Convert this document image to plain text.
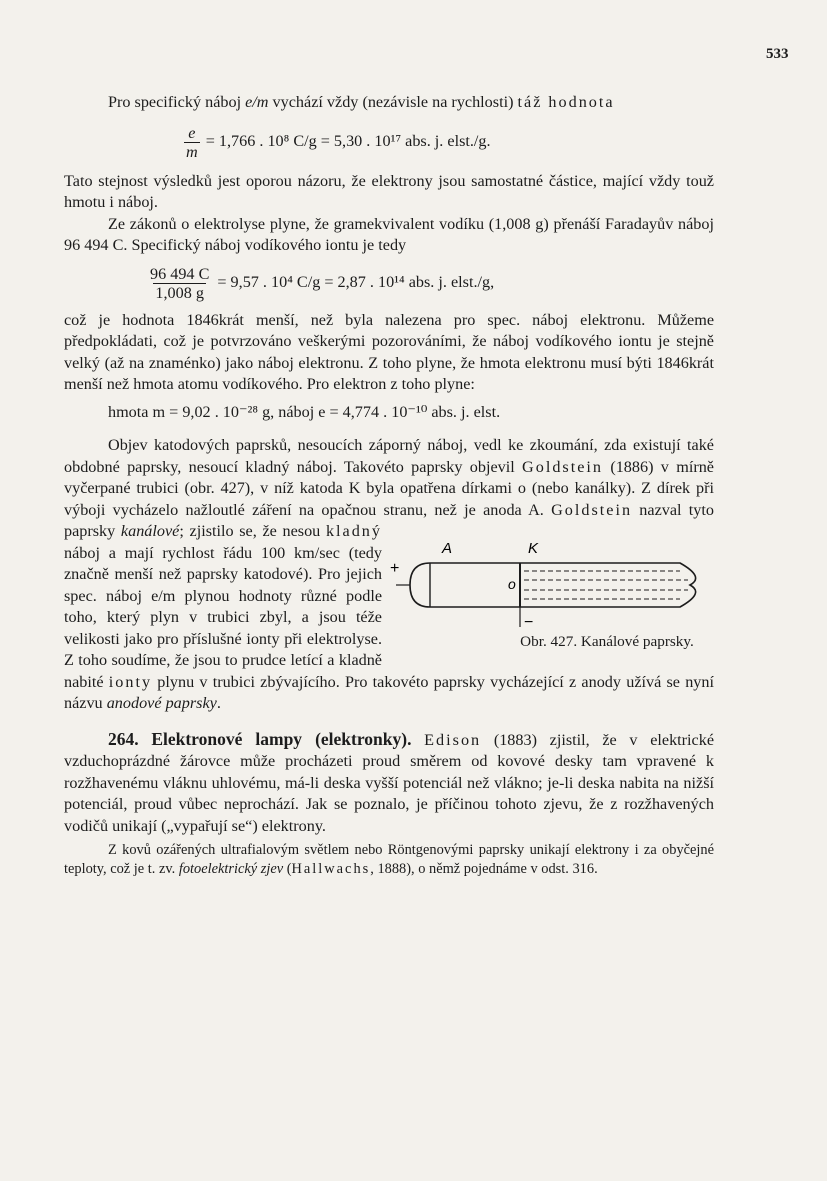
533

Pro specifický náboj e/m vychází vždy (nezávisle na rychlosti) táž hodnota

$\frac{e}{m} = 1,766$ . 10⁸ C/g = 5,30 . 10¹⁷ abs. j. elst./g.

Tato stejnost výsledků jest oporou názoru, že elektrony jsou samostatné částice, mající vždy touž hmotu i náboj.

Ze zákonů o elektrolyse plyne, že gramekvivalent vodíku (1,008 g) přenáší Faradayův náboj 96 494 C. Specifický náboj vodíkového iontu je tedy

$\frac{96 494 C}{1,008 g} = 9,57$ . 10⁴ C/g = 2,87 . 10¹⁴ abs. j. elst./g,

což je hodnota 1846krát menší, než byla nalezena pro spec. náboj elektronu. Můžeme předpokládati, což je potvrzováno veškerými pozorováními, že náboj vodíkového iontu je stejně velký (až na znaménko) jako náboj elektronu. Z toho plyne, že hmota elektronu musí býti 1846krát menší než hmota atomu vodíkového. Pro elektron z toho plyne:

hmota m = 9,02 . 10⁻²⁸ g, náboj e = 4,774 . 10⁻¹⁰ abs. j. elst.

Objev katodových paprsků, nesoucích záporný náboj, vedl ke zkoumání, zda existují také obdobné paprsky, nesoucí kladný náboj. Takovéto paprsky objevil Goldstein (1886) v mírně vyčerpané trubici (obr. 427), v níž katoda K byla opatřena dírkami o (nebo kanálky). Z dírek při výboji vycházelo nažloutlé záření na opačnou stranu, než je anoda A.
A	K
o
+
−
Obr. 427. Kanálové paprsky.
Goldstein nazval tyto paprsky kanálové; zjistilo se, že nesou kladný náboj a mají rychlost řádu 100 km/sec (tedy značně menší než paprsky katodové). Pro jejich spec. náboj e/m plynou hodnoty různé podle toho, který plyn v trubici zbyl, a jsou téže velikosti jako pro příslušné ionty při elektrolyse. Z toho soudíme, že jsou to prudce letící a kladně nabité ionty plynu v trubici zbývajícího. Pro takovéto paprsky vycházející z anody užívá se nyní názvu anodové paprsky.

264. Elektronové lampy (elektronky). Edison (1883) zjistil, že v elektrické vzduchoprázdné žárovce může procházeti proud směrem od kovové desky tam vpravené k rozžhavenému vláknu uhlovému, má-li deska vyšší potenciál než vlákno; je-li deska nabita na nižší potenciál, proud vůbec neprochází. Jak se poznalo, je příčinou tohoto zjevu, že z rozžhavených vodičů unikají („vypařují se“) elektrony.

Z kovů ozářených ultrafialovým světlem nebo Röntgenovými paprsky unikají elektrony i za obyčejné teploty, což je t. zv. fotoelektrický zjev (Hallwachs, 1888), o němž pojednáme v odst. 316.
